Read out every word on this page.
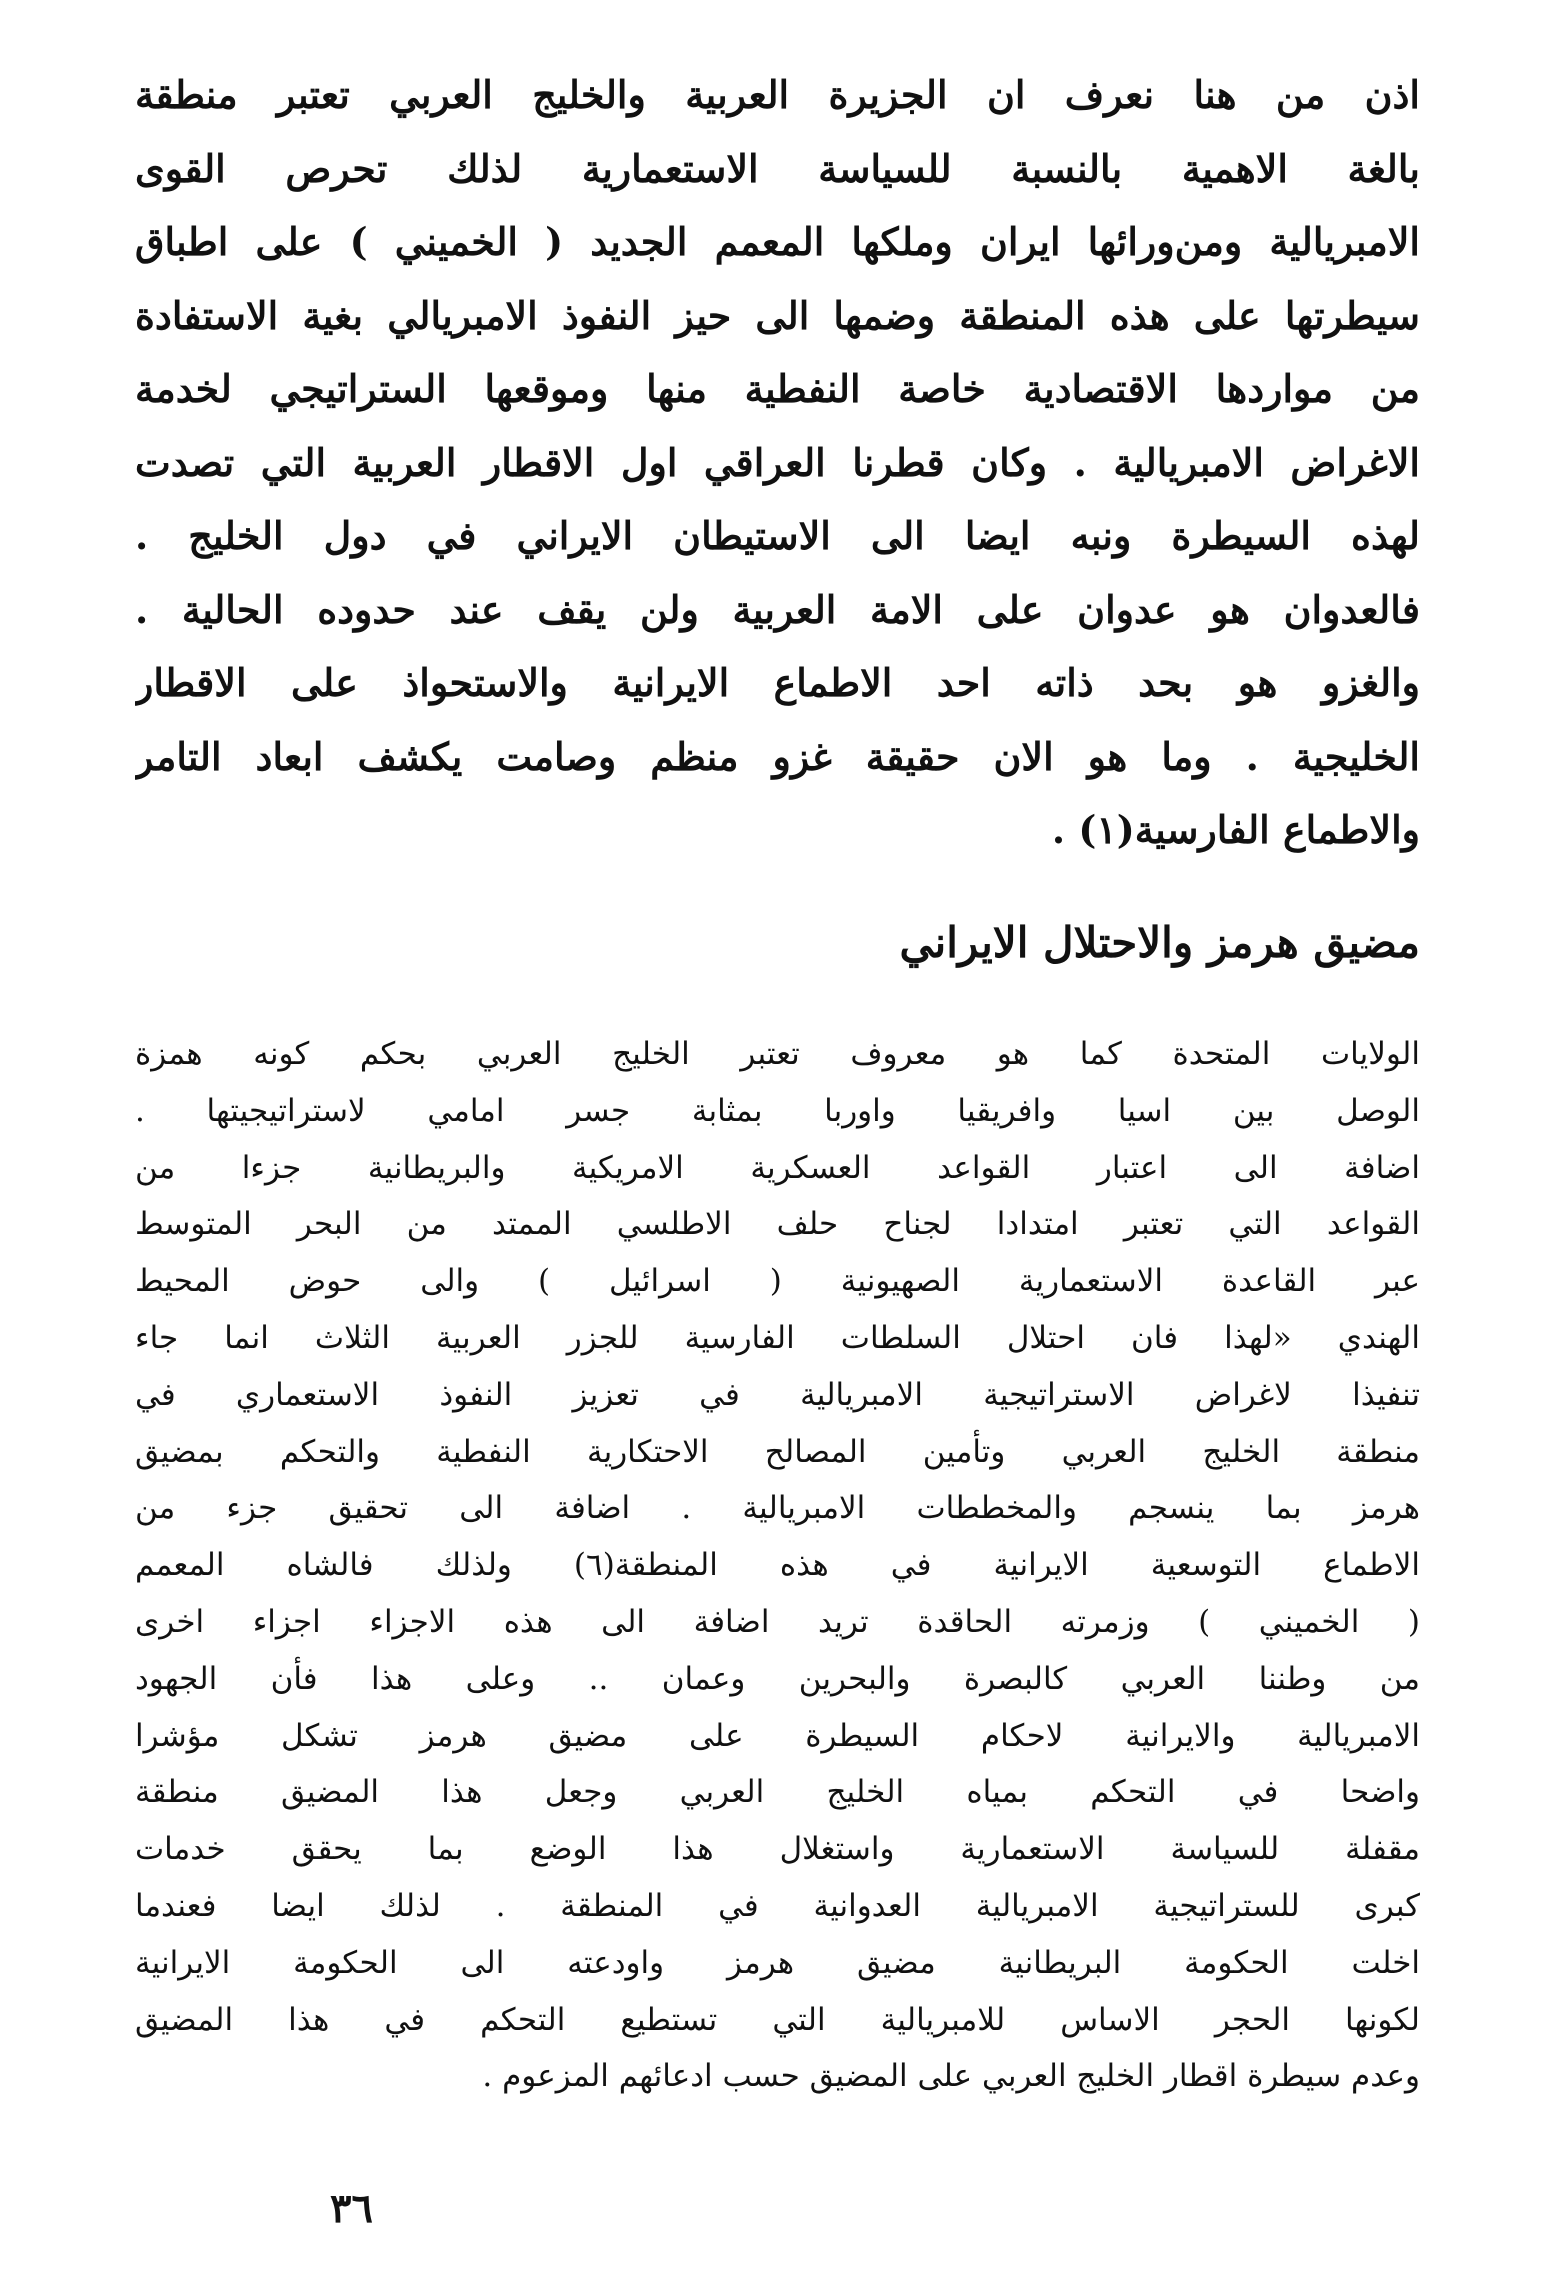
اذن من هنا نعرف ان الجزيرة العربية والخليج العربي تعتبر منطقة
بالغة الاهمية بالنسبة للسياسة الاستعمارية لذلك تحرص القوى
الامبريالية ومن‌ورائها ايران وملكها المعمم الجديد ( الخميني ) على اطباق
سيطرتها على هذه المنطقة وضمها الى حيز النفوذ الامبريالي بغية الاستفادة
من مواردها الاقتصادية خاصة النفطية منها وموقعها الستراتيجي لخدمة
الاغراض الامبريالية . وكان قطرنا العراقي اول الاقطار العربية التي تصدت
لهذه السيطرة ونبه ايضا الى الاستيطان الايراني في دول الخليج .
فالعدوان هو عدوان على الامة العربية ولن يقف عند حدوده الحالية .
والغزو هو بحد ذاته احد الاطماع الايرانية والاستحواذ على الاقطار
الخليجية . وما هو الان حقيقة غزو منظم وصامت يكشف ابعاد التامر
والاطماع الفارسية(١) .
مضيق هرمز والاحتلال الايراني
الولايات المتحدة كما هو معروف تعتبر الخليج العربي بحكم كونه همزة
الوصل بين اسيا وافريقيا واوربا بمثابة جسر امامي لاستراتيجيتها .
اضافة الى اعتبار القواعد العسكرية الامريكية والبريطانية جزءا من
القواعد التي تعتبر امتدادا لجناح حلف الاطلسي الممتد من البحر المتوسط
عبر القاعدة الاستعمارية الصهيونية ( اسرائيل ) والى حوض المحيط
الهندي «لهذا فان احتلال السلطات الفارسية للجزر العربية الثلاث انما جاء
تنفيذا لاغراض الاستراتيجية الامبريالية في تعزيز النفوذ الاستعماري في
منطقة الخليج العربي وتأمين المصالح الاحتكارية النفطية والتحكم بمضيق
هرمز بما ينسجم والمخططات الامبريالية . اضافة الى تحقيق جزء من
الاطماع التوسعية الايرانية في هذه المنطقة(٦) ولذلك فالشاه المعمم
( الخميني ) وزمرته الحاقدة تريد اضافة الى هذه الاجزاء اجزاء اخرى
من وطننا العربي كالبصرة والبحرين وعمان .. وعلى هذا فأن الجهود
الامبريالية والايرانية لاحكام السيطرة على مضيق هرمز تشكل مؤشرا
واضحا في التحكم بمياه الخليج العربي وجعل هذا المضيق منطقة
مقفلة للسياسة الاستعمارية واستغلال هذا الوضع بما يحقق خدمات
كبرى للستراتيجية الامبريالية العدوانية في المنطقة . لذلك ايضا فعندما
اخلت الحكومة البريطانية مضيق هرمز واودعته الى الحكومة الايرانية
لكونها الحجر الاساس للامبريالية التي تستطيع التحكم في هذا المضيق
وعدم سيطرة اقطار الخليج العربي على المضيق حسب ادعائهم المزعوم .
٣٦
